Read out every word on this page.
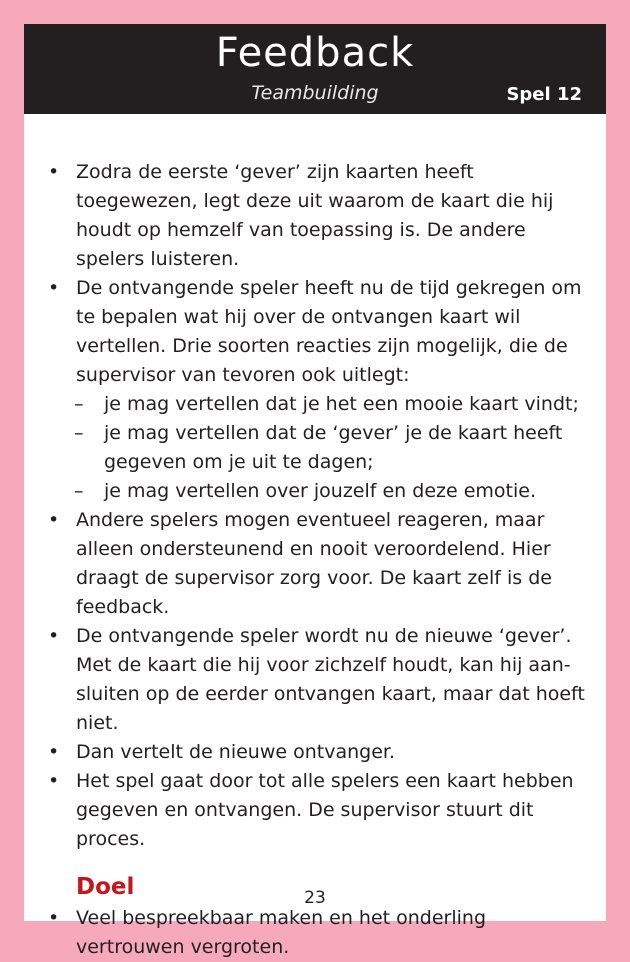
Feedback
Teambuilding	Spel 12
• Zodra de eerste ‘gever’ zijn kaarten heeft toegewezen, legt deze uit waarom de kaart die hij houdt op hemzelf van toepassing is. De andere spelers luisteren.
• De ontvangende speler heeft nu de tijd gekregen om te bepalen wat hij over de ontvangen kaart wil vertellen. Drie soorten reacties zijn mogelijk, die de supervisor van tevoren ook uitlegt:
– je mag vertellen dat je het een mooie kaart vindt;
– je mag vertellen dat de ‘gever’ je de kaart heeft gegeven om je uit te dagen;
– je mag vertellen over jouzelf en deze emotie.
• Andere spelers mogen eventueel reageren, maar alleen ondersteunend en nooit veroordelend. Hier draagt de supervisor zorg voor. De kaart zelf is de feedback.
• De ontvangende speler wordt nu de nieuwe ‘gever’. Met de kaart die hij voor zichzelf houdt, kan hij aansluiten op de eerder ontvangen kaart, maar dat hoeft niet.
• Dan vertelt de nieuwe ontvanger.
• Het spel gaat door tot alle spelers een kaart hebben gegeven en ontvangen. De supervisor stuurt dit proces.
Doel
• Veel bespreekbaar maken en het onderling vertrouwen vergroten.
23
